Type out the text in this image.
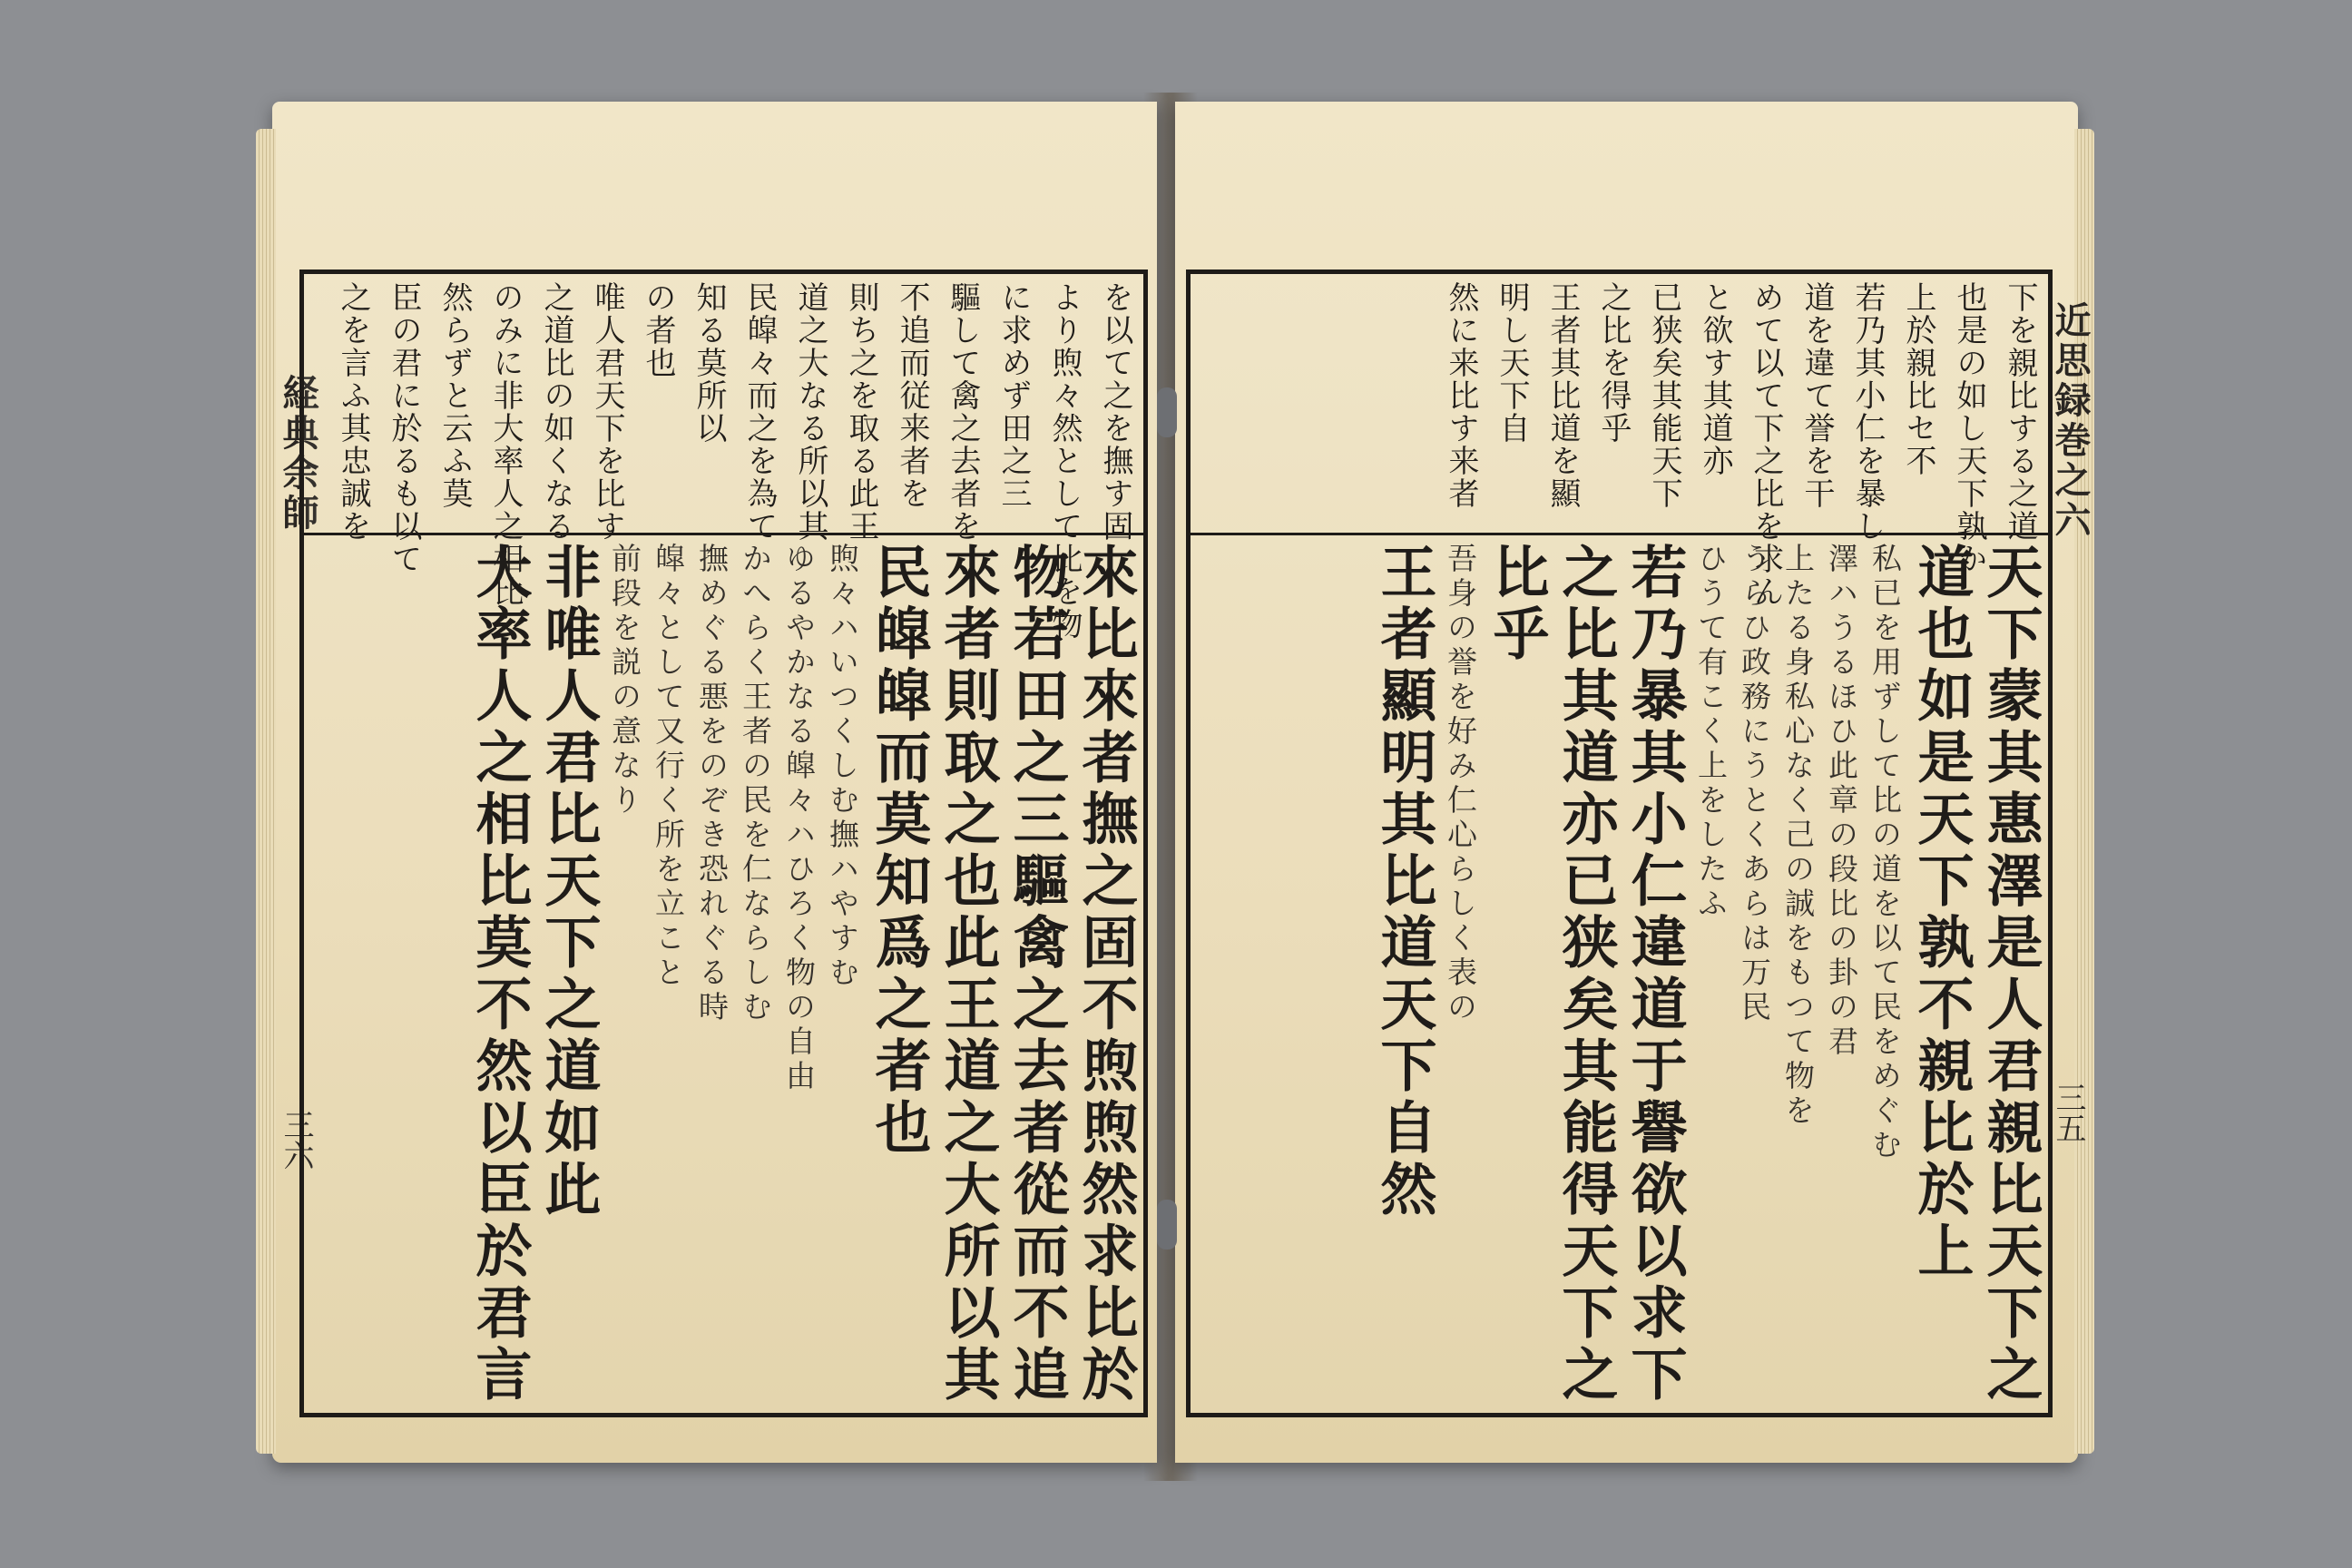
経典余師
三六
を以て之を撫す固
より煦々然として比を物
に求めず田之三
驅して禽之去者を
不追而従来者を
則ち之を取る此王
道之大なる所以其
民皡々而之を為て
知る莫所以
の者也
唯人君天下を比す
之道比の如くなる
のみに非大率人之相比
然らずと云ふ莫
臣の君に於るも以て
之を言ふ其忠誠を
來比來者撫之固不煦煦然求比於
物若田之三驅禽之去者從而不追
來者則取之也此王道之大所以其
民皡皡而莫知爲之者也
煦々ハいつくしむ撫ハやすむ
ゆるやかなる皡々ハひろく物の自由
かへらく王者の民を仁ならしむ
撫めぐる悪をのぞき恐れぐる時
皡々として又行く所を立こと
前段を説の意なり
非唯人君比天下之道如此
大率人之相比莫不然以臣於君言
近思録巻之六
三五
下を親比する之道
也是の如し天下孰か
上於親比セ不
若乃其小仁を暴し
道を違て誉を干
めて以て下之比を求ん
と欲す其道亦
已狭矣其能天下
之比を得乎
王者其比道を顯
明し天下自
然に来比す来者
天下蒙其惠澤是人君親比天下之
道也如是天下孰不親比於上
私已を用ずして比の道を以て民をめぐむ
澤ハうるほひ此章の段比の卦の君
上たる身私心なく己の誠をもつて物を
うらひ政務にうとくあらは万民
ひうて有こく上をしたふ
若乃暴其小仁違道于譽欲以求下
之比其道亦已狭矣其能得天下之
比乎
吾身の誉を好み仁心らしく表の
王者顯明其比道天下自然
